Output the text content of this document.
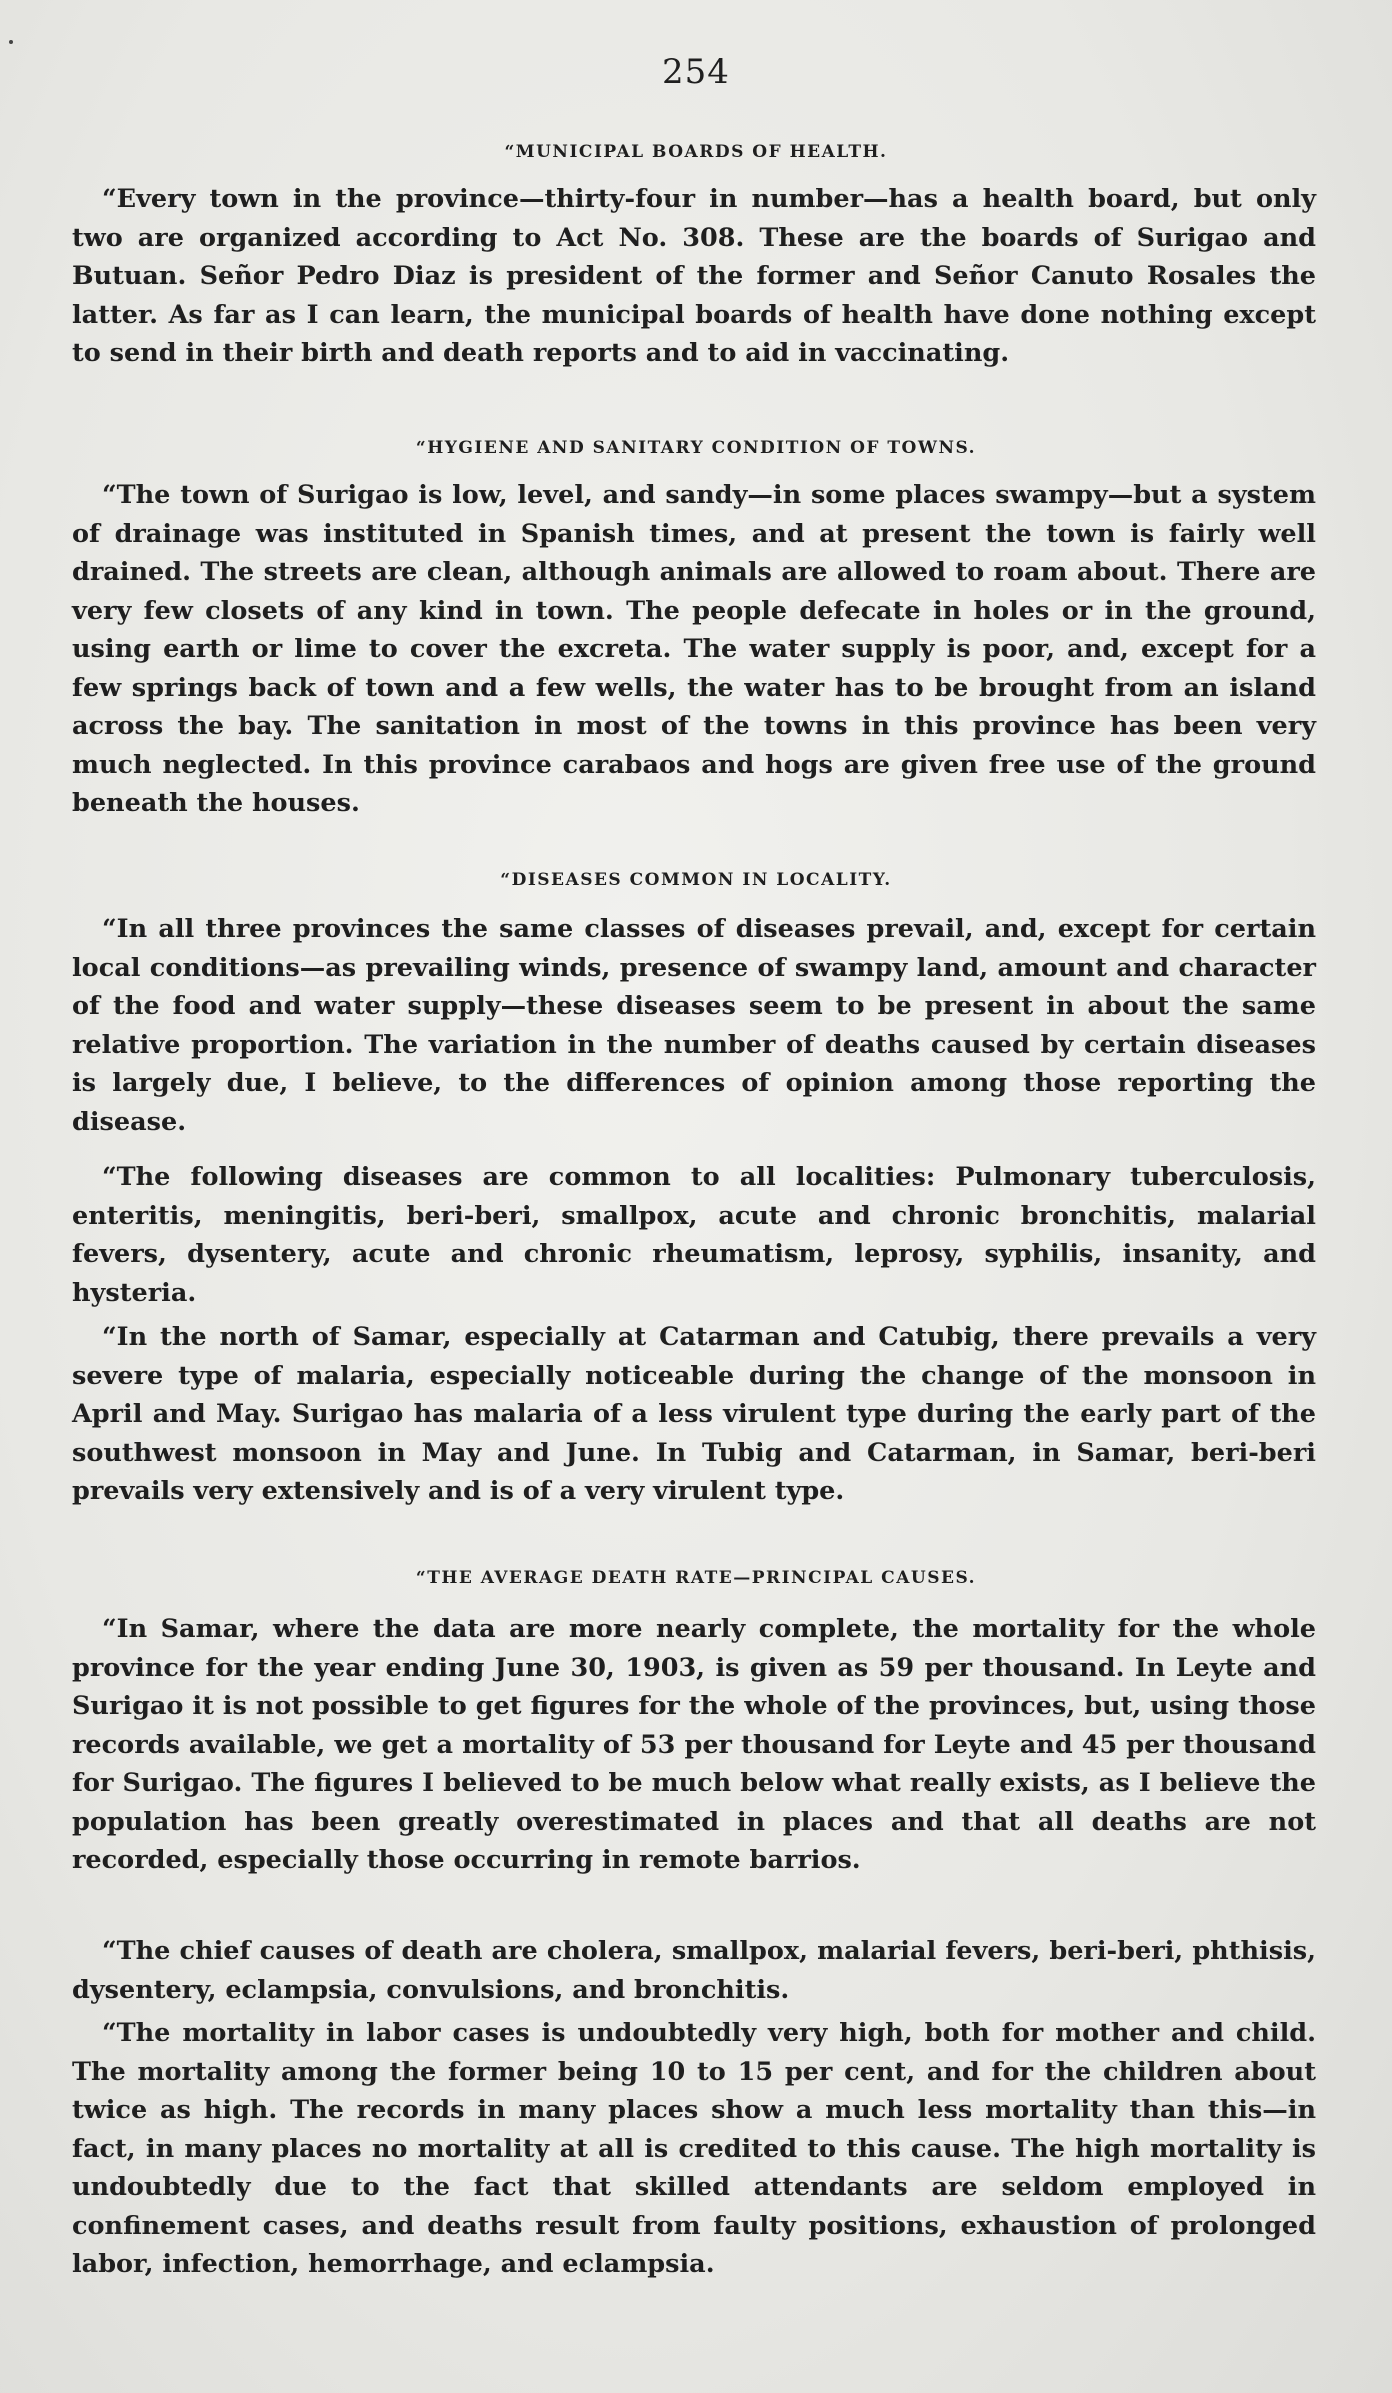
254
“MUNICIPAL BOARDS OF HEALTH.

“Every town in the province—thirty-four in number—has a health board, but only two are organized according to Act No. 308. These are the boards of Surigao and Butuan. Señor Pedro Diaz is president of the former and Señor Canuto Rosales the latter. As far as I can learn, the municipal boards of health have done nothing except to send in their birth and death reports and to aid in vaccinating.

“HYGIENE AND SANITARY CONDITION OF TOWNS.

“The town of Surigao is low, level, and sandy—in some places swampy—but a system of drainage was instituted in Spanish times, and at present the town is fairly well drained. The streets are clean, although animals are allowed to roam about. There are very few closets of any kind in town. The people defecate in holes or in the ground, using earth or lime to cover the excreta. The water supply is poor, and, except for a few springs back of town and a few wells, the water has to be brought from an island across the bay. The sanitation in most of the towns in this province has been very much neglected. In this province carabaos and hogs are given free use of the ground beneath the houses.

“DISEASES COMMON IN LOCALITY.

“In all three provinces the same classes of diseases prevail, and, except for certain local conditions—as prevailing winds, presence of swampy land, amount and character of the food and water supply—these diseases seem to be present in about the same relative proportion. The variation in the number of deaths caused by certain diseases is largely due, I believe, to the differences of opinion among those reporting the disease.

“The following diseases are common to all localities: Pulmonary tuberculosis, enteritis, meningitis, beri-beri, smallpox, acute and chronic bronchitis, malarial fevers, dysentery, acute and chronic rheumatism, leprosy, syphilis, insanity, and hysteria.

“In the north of Samar, especially at Catarman and Catubig, there prevails a very severe type of malaria, especially noticeable during the change of the monsoon in April and May. Surigao has malaria of a less virulent type during the early part of the southwest monsoon in May and June. In Tubig and Catarman, in Samar, beri-beri prevails very extensively and is of a very virulent type.

“THE AVERAGE DEATH RATE—PRINCIPAL CAUSES.

“In Samar, where the data are more nearly complete, the mortality for the whole province for the year ending June 30, 1903, is given as 59 per thousand. In Leyte and Surigao it is not possible to get figures for the whole of the provinces, but, using those records available, we get a mortality of 53 per thousand for Leyte and 45 per thousand for Surigao. The figures I believed to be much below what really exists, as I believe the population has been greatly overestimated in places and that all deaths are not recorded, especially those occurring in remote barrios.

“The chief causes of death are cholera, smallpox, malarial fevers, beri-beri, phthisis, dysentery, eclampsia, convulsions, and bronchitis.

“The mortality in labor cases is undoubtedly very high, both for mother and child. The mortality among the former being 10 to 15 per cent, and for the children about twice as high. The records in many places show a much less mortality than this—in fact, in many places no mortality at all is credited to this cause. The high mortality is undoubtedly due to the fact that skilled attendants are seldom employed in confinement cases, and deaths result from faulty positions, exhaustion of prolonged labor, infection, hemorrhage, and eclampsia.
